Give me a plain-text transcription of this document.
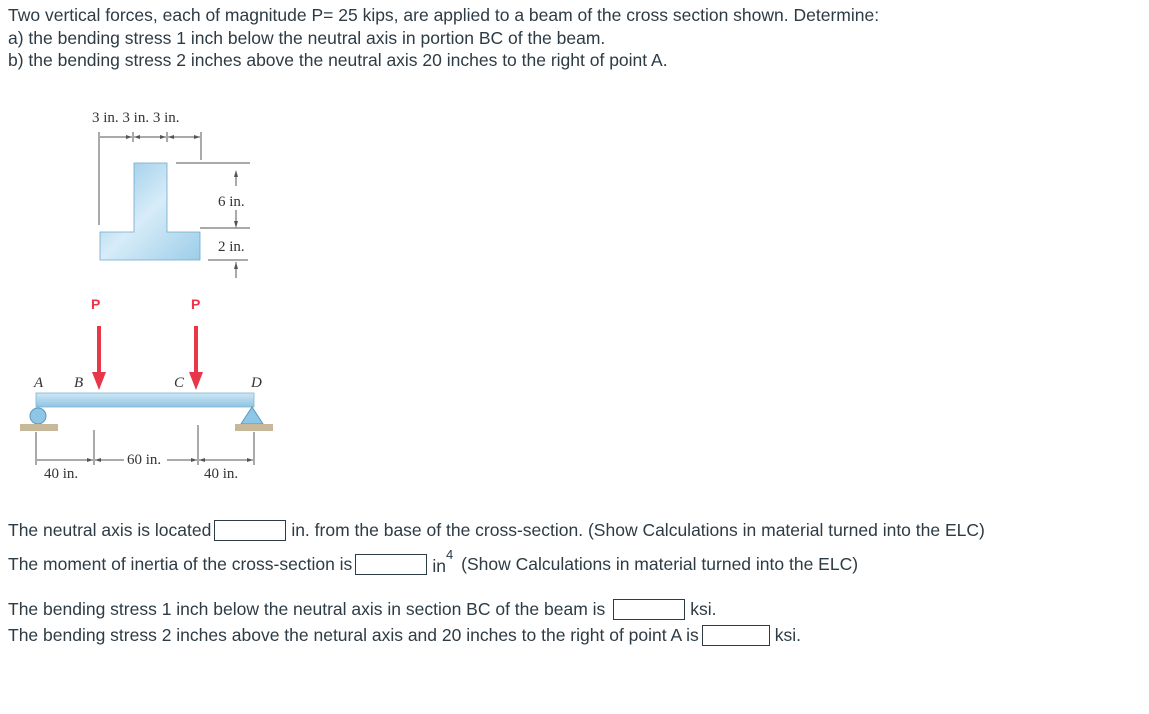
Two vertical forces, each of magnitude P= 25 kips, are applied to a beam of the cross section shown. Determine:

a) the bending stress 1 inch below the neutral axis in portion BC of the beam.

b) the bending stress 2 inches above the neutral axis 20 inches to the right of point A.

3 in. 3 in. 3 in.
6 in.
2 in.
P	P
A B	C	D
60 in.
40 in.	40 in.
The neutral axis is located	in. from the base of the cross-section. (Show Calculations in material turned into the ELC)
The moment of inertia of the cross-section is	$in^4$ (Show Calculations in material turned into the ELC)
The bending stress 1 inch below the neutral axis in section BC of the beam is	ksi.
The bending stress 2 inches above the netural axis and 20 inches to the right of point A is	ksi.
